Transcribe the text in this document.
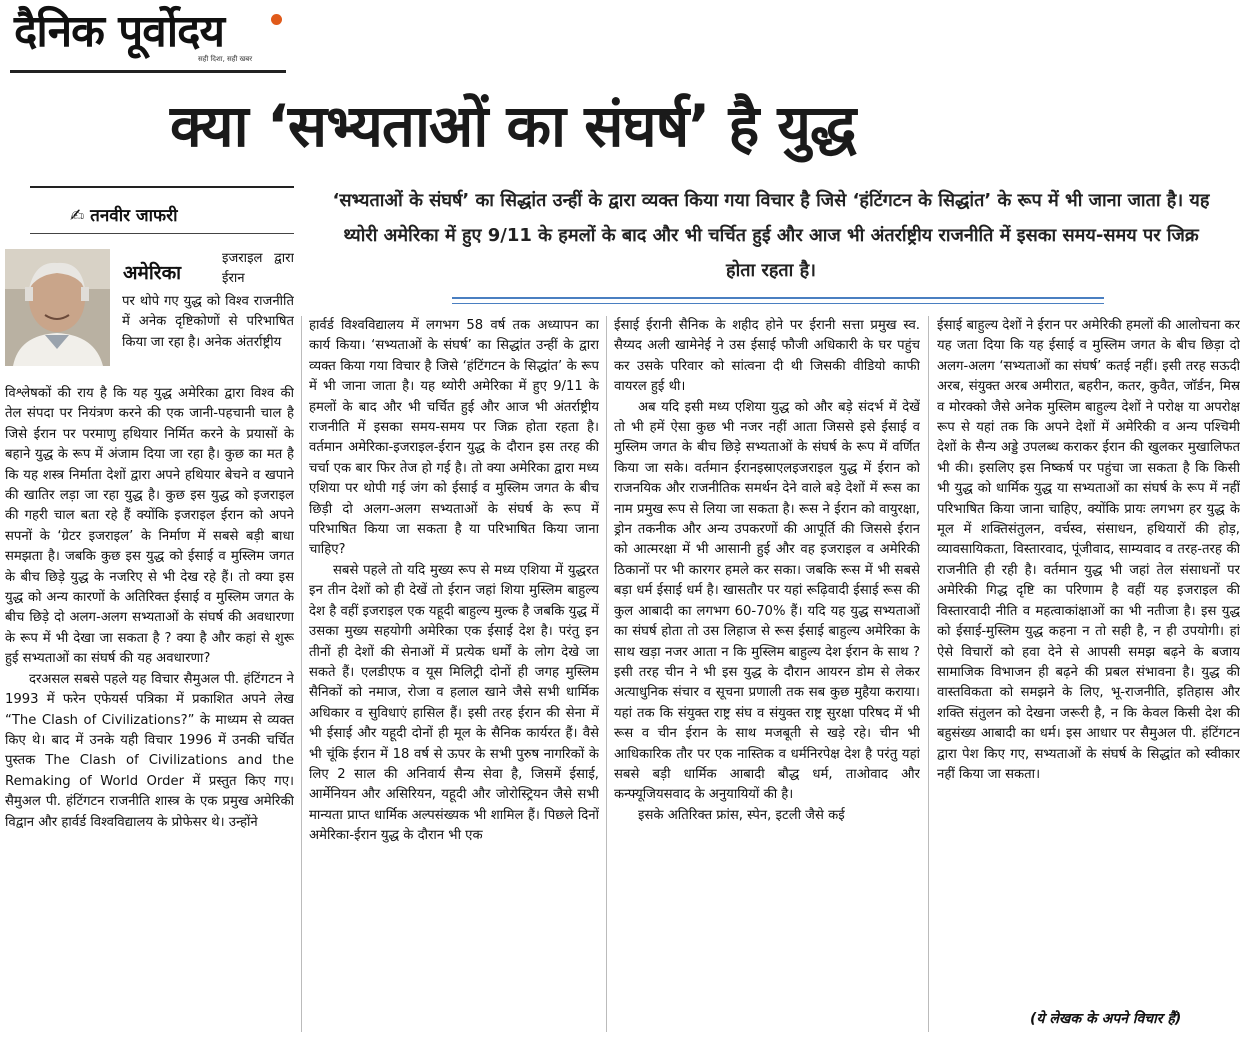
दैनिक पूर्वोदय
सही दिशा, सही खबर
क्या ‘सभ्यताओं का संघर्ष’ है युद्ध
✍ तनवीर जाफरी
‘सभ्यताओं के संघर्ष’ का सिद्धांत उन्हीं के द्वारा व्यक्त किया गया विचार है जिसे ‘हंटिंगटन के सिद्धांत’ के रूप में भी जाना जाता है। यह थ्योरी अमेरिका में हुए 9/11 के हमलों के बाद और भी चर्चित हुई और आज भी अंतर्राष्ट्रीय राजनीति में इसका समय-समय पर जिक्र होता रहता है।
अमेरिका
इजराइल द्वारा ईरान
पर थोपे गए युद्ध को विश्व राजनीति में अनेक दृष्टिकोणों से परिभाषित किया जा रहा है। अनेक अंतर्राष्ट्रीय

विश्लेषकों की राय है कि यह युद्ध अमेरिका द्वारा विश्व की तेल संपदा पर नियंत्रण करने की एक जानी-पहचानी चाल है जिसे ईरान पर परमाणु हथियार निर्मित करने के प्रयासों के बहाने युद्ध के रूप में अंजाम दिया जा रहा है। कुछ का मत है कि यह शस्त्र निर्माता देशों द्वारा अपने हथियार बेचने व खपाने की खातिर लड़ा जा रहा युद्ध है। कुछ इस युद्ध को इजराइल की गहरी चाल बता रहे हैं क्योंकि इजराइल ईरान को अपने सपनों के ‘ग्रेटर इजराइल’ के निर्माण में सबसे बड़ी बाधा समझता है। जबकि कुछ इस युद्ध को ईसाई व मुस्लिम जगत के बीच छिड़े युद्ध के नजरिए से भी देख रहे हैं। तो क्या इस युद्ध को अन्य कारणों के अतिरिक्त ईसाई व मुस्लिम जगत के बीच छिड़े दो अलग-अलग सभ्यताओं के संघर्ष की अवधारणा के रूप में भी देखा जा सकता है ? क्या है और कहां से शुरू हुई सभ्यताओं का संघर्ष की यह अवधारणा?

दरअसल सबसे पहले यह विचार सैमुअल पी. हंटिंगटन ने 1993 में फरेन एफेयर्स पत्रिका में प्रकाशित अपने लेख “The Clash of Civilizations?” के माध्यम से व्यक्त किए थे। बाद में उनके यही विचार 1996 में उनकी चर्चित पुस्तक The Clash of Civilizations and the Remaking of World Order में प्रस्तुत किए गए। सैमुअल पी. हंटिंगटन राजनीति शास्त्र के एक प्रमुख अमेरिकी विद्वान और हार्वर्ड विश्वविद्यालय के प्रोफेसर थे। उन्होंने

हार्वर्ड विश्वविद्यालय में लगभग 58 वर्ष तक अध्यापन का कार्य किया। ‘सभ्यताओं के संघर्ष’ का सिद्धांत उन्हीं के द्वारा व्यक्त किया गया विचार है जिसे ‘हंटिंगटन के सिद्धांत’ के रूप में भी जाना जाता है। यह थ्योरी अमेरिका में हुए 9/11 के हमलों के बाद और भी चर्चित हुई और आज भी अंतर्राष्ट्रीय राजनीति में इसका समय-समय पर जिक्र होता रहता है। वर्तमान अमेरिका-इजराइल-ईरान युद्ध के दौरान इस तरह की चर्चा एक बार फिर तेज हो गई है। तो क्या अमेरिका द्वारा मध्य एशिया पर थोपी गई जंग को ईसाई व मुस्लिम जगत के बीच छिड़ी दो अलग-अलग सभ्यताओं के संघर्ष के रूप में परिभाषित किया जा सकता है या परिभाषित किया जाना चाहिए?

सबसे पहले तो यदि मुख्य रूप से मध्य एशिया में युद्धरत इन तीन देशों को ही देखें तो ईरान जहां शिया मुस्लिम बाहुल्य देश है वहीं इजराइल एक यहूदी बाहुल्य मुल्क है जबकि युद्ध में उसका मुख्य सहयोगी अमेरिका एक ईसाई देश है। परंतु इन तीनों ही देशों की सेनाओं में प्रत्येक धर्मों के लोग देखे जा सकते हैं। एलडीएफ व यूस मिलिट्री दोनों ही जगह मुस्लिम सैनिकों को नमाज, रोजा व हलाल खाने जैसे सभी धार्मिक अधिकार व सुविधाएं हासिल हैं। इसी तरह ईरान की सेना में भी ईसाई और यहूदी दोनों ही मूल के सैनिक कार्यरत हैं। वैसे भी चूंकि ईरान में 18 वर्ष से ऊपर के सभी पुरुष नागरिकों के लिए 2 साल की अनिवार्य सैन्य सेवा है, जिसमें ईसाई, आर्मेनियन और असिरियन, यहूदी और जोरोस्ट्रियन जैसे सभी मान्यता प्राप्त धार्मिक अल्पसंख्यक भी शामिल हैं। पिछले दिनों अमेरिका-ईरान युद्ध के दौरान भी एक

ईसाई ईरानी सैनिक के शहीद होने पर ईरानी सत्ता प्रमुख स्व. सैय्यद अली खामेनेई ने उस ईसाई फौजी अधिकारी के घर पहुंच कर उसके परिवार को सांत्वना दी थी जिसकी वीडियो काफी वायरल हुई थी।

अब यदि इसी मध्य एशिया युद्ध को और बड़े संदर्भ में देखें तो भी हमें ऐसा कुछ भी नजर नहीं आता जिससे इसे ईसाई व मुस्लिम जगत के बीच छिड़े सभ्यताओं के संघर्ष के रूप में वर्णित किया जा सके। वर्तमान ईरानइस्राएलइजराइल युद्ध में ईरान को राजनयिक और राजनीतिक समर्थन देने वाले बड़े देशों में रूस का नाम प्रमुख रूप से लिया जा सकता है। रूस ने ईरान को वायुरक्षा, ड्रोन तकनीक और अन्य उपकरणों की आपूर्ति की जिससे ईरान को आत्मरक्षा में भी आसानी हुई और वह इजराइल व अमेरिकी ठिकानों पर भी कारगर हमले कर सका। जबकि रूस में भी सबसे बड़ा धर्म ईसाई धर्म है। खासतौर पर यहां रूढ़िवादी ईसाई रूस की कुल आबादी का लगभग 60-70% हैं। यदि यह युद्ध सभ्यताओं का संघर्ष होता तो उस लिहाज से रूस ईसाई बाहुल्य अमेरिका के साथ खड़ा नजर आता न कि मुस्लिम बाहुल्य देश ईरान के साथ ? इसी तरह चीन ने भी इस युद्ध के दौरान आयरन डोम से लेकर अत्याधुनिक संचार व सूचना प्रणाली तक सब कुछ मुहैया कराया। यहां तक कि संयुक्त राष्ट्र संघ व संयुक्त राष्ट्र सुरक्षा परिषद में भी रूस व चीन ईरान के साथ मजबूती से खड़े रहे। चीन भी आधिकारिक तौर पर एक नास्तिक व धर्मनिरपेक्ष देश है परंतु यहां सबसे बड़ी धार्मिक आबादी बौद्ध धर्म, ताओवाद और कन्फ्यूजियसवाद के अनुयायियों की है।

इसके अतिरिक्त फ्रांस, स्पेन, इटली जैसे कई

ईसाई बाहुल्य देशों ने ईरान पर अमेरिकी हमलों की आलोचना कर यह जता दिया कि यह ईसाई व मुस्लिम जगत के बीच छिड़ा दो अलग-अलग ‘सभ्यताओं का संघर्ष’ कतई नहीं। इसी तरह सऊदी अरब, संयुक्त अरब अमीरात, बहरीन, कतर, कुवैत, जॉर्डन, मिस्र व मोरक्को जैसे अनेक मुस्लिम बाहुल्य देशों ने परोक्ष या अपरोक्ष रूप से यहां तक कि अपने देशों में अमेरिकी व अन्य पश्चिमी देशों के सैन्य अड्डे उपलब्ध कराकर ईरान की खुलकर मुखालिफत भी की। इसलिए इस निष्कर्ष पर पहुंचा जा सकता है कि किसी भी युद्ध को धार्मिक युद्ध या सभ्यताओं का संघर्ष के रूप में नहीं परिभाषित किया जाना चाहिए, क्योंकि प्रायः लगभग हर युद्ध के मूल में शक्तिसंतुलन, वर्चस्व, संसाधन, हथियारों की होड़, व्यावसायिकता, विस्तारवाद, पूंजीवाद, साम्यवाद व तरह-तरह की राजनीति ही रही है। वर्तमान युद्ध भी जहां तेल संसाधनों पर अमेरिकी गिद्ध दृष्टि का परिणाम है वहीं यह इजराइल की विस्तारवादी नीति व महत्वाकांक्षाओं का भी नतीजा है। इस युद्ध को ईसाई-मुस्लिम युद्ध कहना न तो सही है, न ही उपयोगी। हां ऐसे विचारों को हवा देने से आपसी समझ बढ़ने के बजाय सामाजिक विभाजन ही बढ़ने की प्रबल संभावना है। युद्ध की वास्तविकता को समझने के लिए, भू-राजनीति, इतिहास और शक्ति संतुलन को देखना जरूरी है, न कि केवल किसी देश की बहुसंख्य आबादी का धर्म। इस आधार पर सैमुअल पी. हंटिंगटन द्वारा पेश किए गए, सभ्यताओं के संघर्ष के सिद्धांत को स्वीकार नहीं किया जा सकता।

(ये लेखक के अपने विचार हैं)
